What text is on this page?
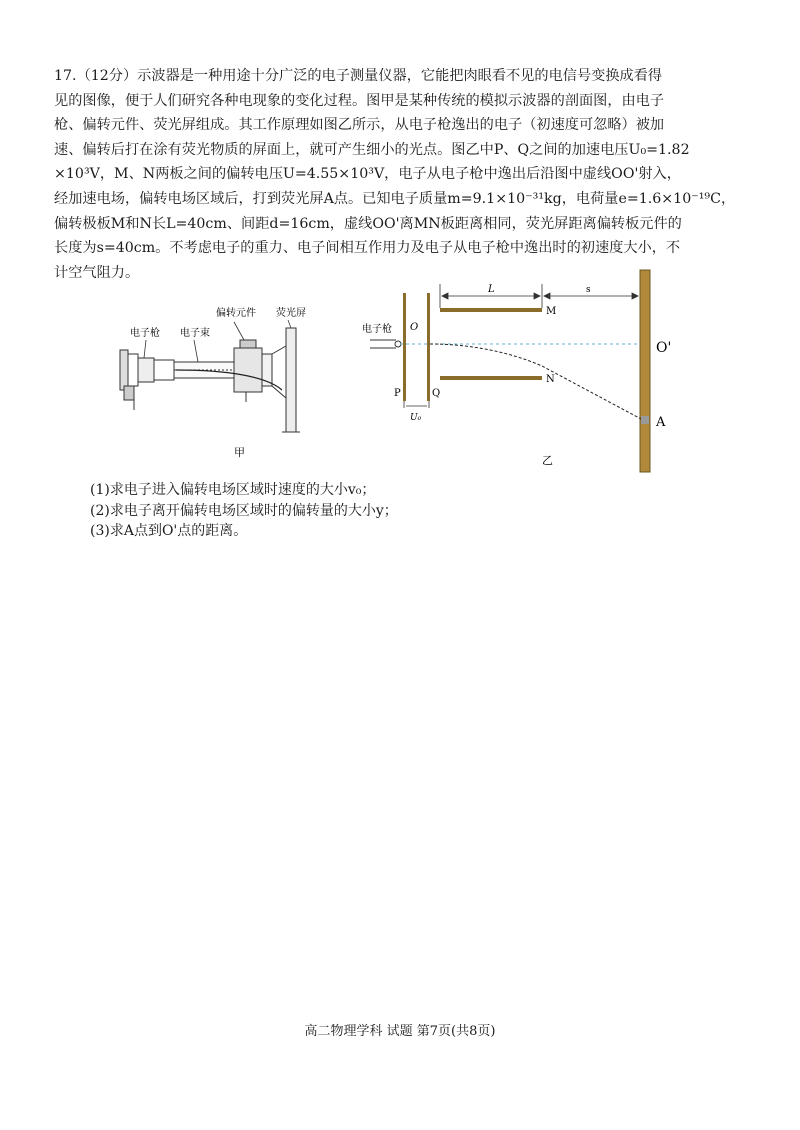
17.（12分）示波器是一种用途十分广泛的电子测量仪器，它能把肉眼看不见的电信号变换成看得
见的图像，便于人们研究各种电现象的变化过程。图甲是某种传统的模拟示波器的剖面图，由电子
枪、偏转元件、荧光屏组成。其工作原理如图乙所示，从电子枪逸出的电子（初速度可忽略）被加
速、偏转后打在涂有荧光物质的屏面上，就可产生细小的光点。图乙中P、Q之间的加速电压U₀=1.82
×10³V，M、N两板之间的偏转电压U=4.55×10³V，电子从电子枪中逸出后沿图中虚线OO'射入，
经加速电场，偏转电场区域后，打到荧光屏A点。已知电子质量m=9.1×10⁻³¹kg，电荷量e=1.6×10⁻¹⁹C，
偏转极板M和N长L=40cm、间距d=16cm，虚线OO'离MN板距离相同，荧光屏距离偏转板元件的
长度为s=40cm。不考虑电子的重力、电子间相互作用力及电子从电子枪中逸出时的初速度大小，不
计空气阻力。
电子枪 电子束
偏转元件 荧光屏
甲
电子枪 O
P	Q
M
N
L	s
U₀
O'
A
乙
(1)求电子进入偏转电场区域时速度的大小v₀；
(2)求电子离开偏转电场区域时的偏转量的大小y；
(3)求A点到O'点的距离。
高二物理学科 试题 第7页(共8页)
